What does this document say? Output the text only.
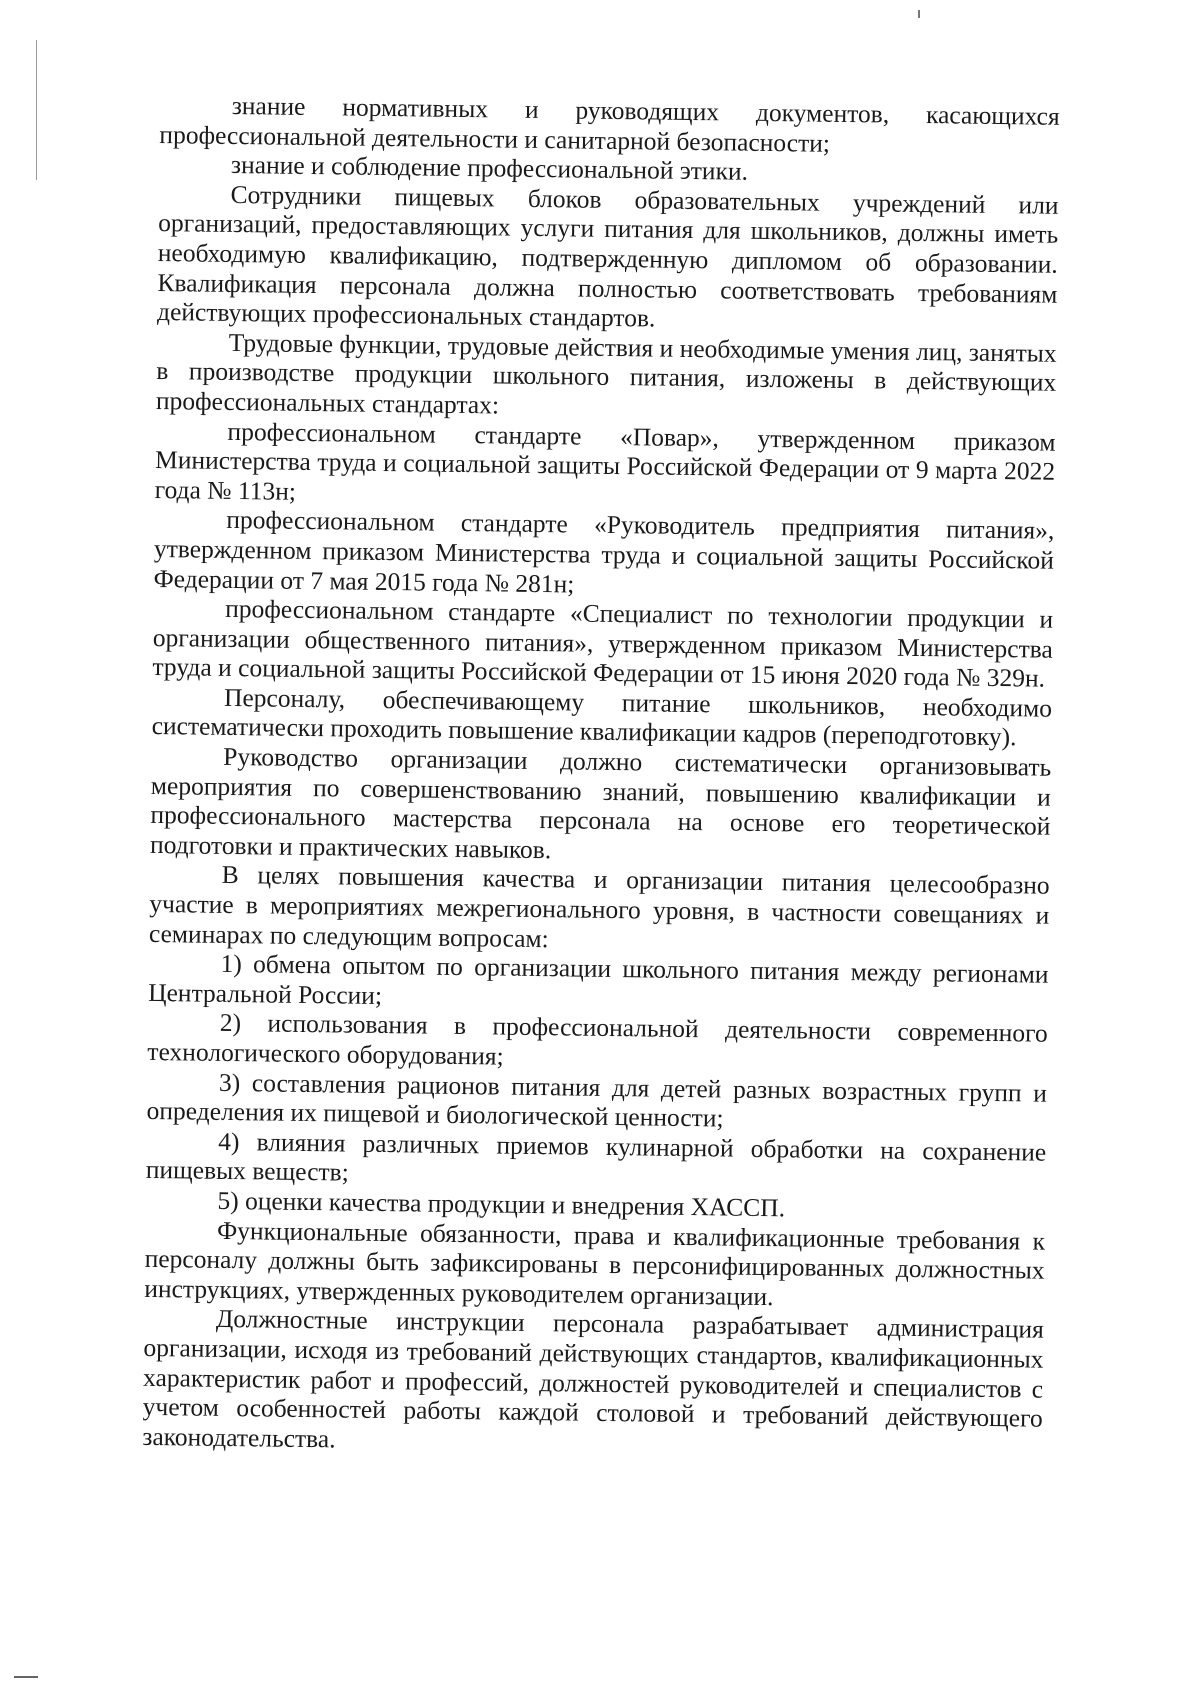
знание нормативных и руководящих документов, касающихся профессиональной деятельности и санитарной безопасности;

знание и соблюдение профессиональной этики.

Сотрудники пищевых блоков образовательных учреждений или организаций, предоставляющих услуги питания для школьников, должны иметь необходимую квалификацию, подтвержденную дипломом об образовании. Квалификация персонала должна полностью соответствовать требованиям действующих профессиональных стандартов.

Трудовые функции, трудовые действия и необходимые умения лиц, занятых в производстве продукции школьного питания, изложены в действующих профессиональных стандартах:

профессиональном стандарте «Повар», утвержденном приказом Министерства труда и социальной защиты Российской Федерации от 9 марта 2022 года № 113н;

профессиональном стандарте «Руководитель предприятия питания», утвержденном приказом Министерства труда и социальной защиты Российской Федерации от 7 мая 2015 года № 281н;

профессиональном стандарте «Специалист по технологии продукции и организации общественного питания», утвержденном приказом Министерства труда и социальной защиты Российской Федерации от 15 июня 2020 года № 329н.

Персоналу, обеспечивающему питание школьников, необходимо систематически проходить повышение квалификации кадров (переподготовку).

Руководство организации должно систематически организовывать мероприятия по совершенствованию знаний, повышению квалификации и профессионального мастерства персонала на основе его теоретической подготовки и практических навыков.

В целях повышения качества и организации питания целесообразно участие в мероприятиях межрегионального уровня, в частности совещаниях и семинарах по следующим вопросам:

1) обмена опытом по организации школьного питания между регионами Центральной России;

2) использования в профессиональной деятельности современного технологического оборудования;

3) составления рационов питания для детей разных возрастных групп и определения их пищевой и биологической ценности;

4) влияния различных приемов кулинарной обработки на сохранение пищевых веществ;

5) оценки качества продукции и внедрения ХАССП.

Функциональные обязанности, права и квалификационные требования к персоналу должны быть зафиксированы в персонифицированных должностных инструкциях, утвержденных руководителем организации.

Должностные инструкции персонала разрабатывает администрация организации, исходя из требований действующих стандартов, квалификационных характеристик работ и профессий, должностей руководителей и специалистов с учетом особенностей работы каждой столовой и требований действующего законодательства.
